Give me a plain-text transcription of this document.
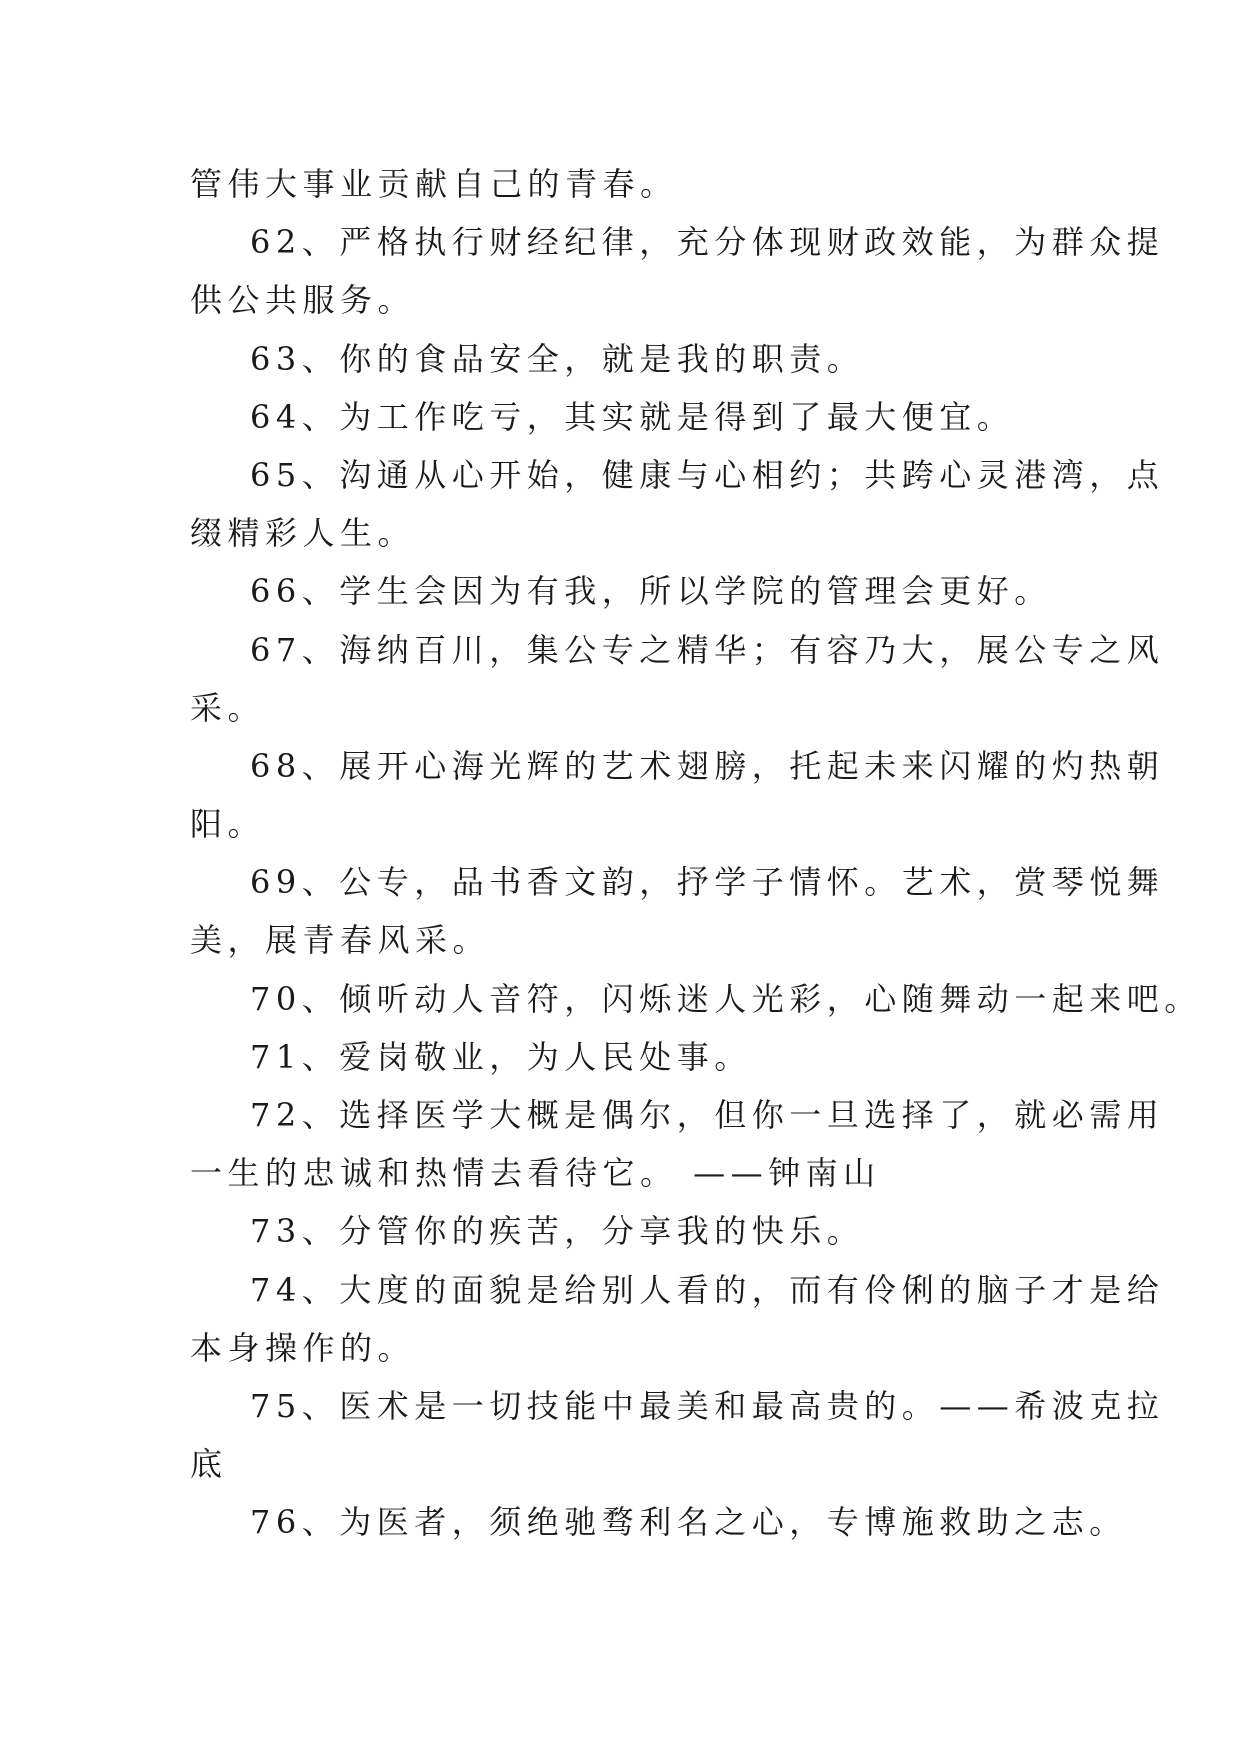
管伟大事业贡献自己的青春。
62、严格执行财经纪律，充分体现财政效能，为群众提
供公共服务。
63、你的食品安全，就是我的职责。
64、为工作吃亏，其实就是得到了最大便宜。
65、沟通从心开始，健康与心相约；共跨心灵港湾，点
缀精彩人生。
66、学生会因为有我，所以学院的管理会更好。
67、海纳百川，集公专之精华；有容乃大，展公专之风
采。
68、展开心海光辉的艺术翅膀，托起未来闪耀的灼热朝
阳。
69、公专，品书香文韵，抒学子情怀。艺术，赏琴悦舞
美，展青春风采。
70、倾听动人音符，闪烁迷人光彩，心随舞动一起来吧。
71、爱岗敬业，为人民处事。
72、选择医学大概是偶尔，但你一旦选择了，就必需用
一生的忠诚和热情去看待它。 ——钟南山
73、分管你的疾苦，分享我的快乐。
74、大度的面貌是给别人看的，而有伶俐的脑子才是给
本身操作的。
75、医术是一切技能中最美和最高贵的。——希波克拉
底
76、为医者，须绝驰骛利名之心，专博施救助之志。
